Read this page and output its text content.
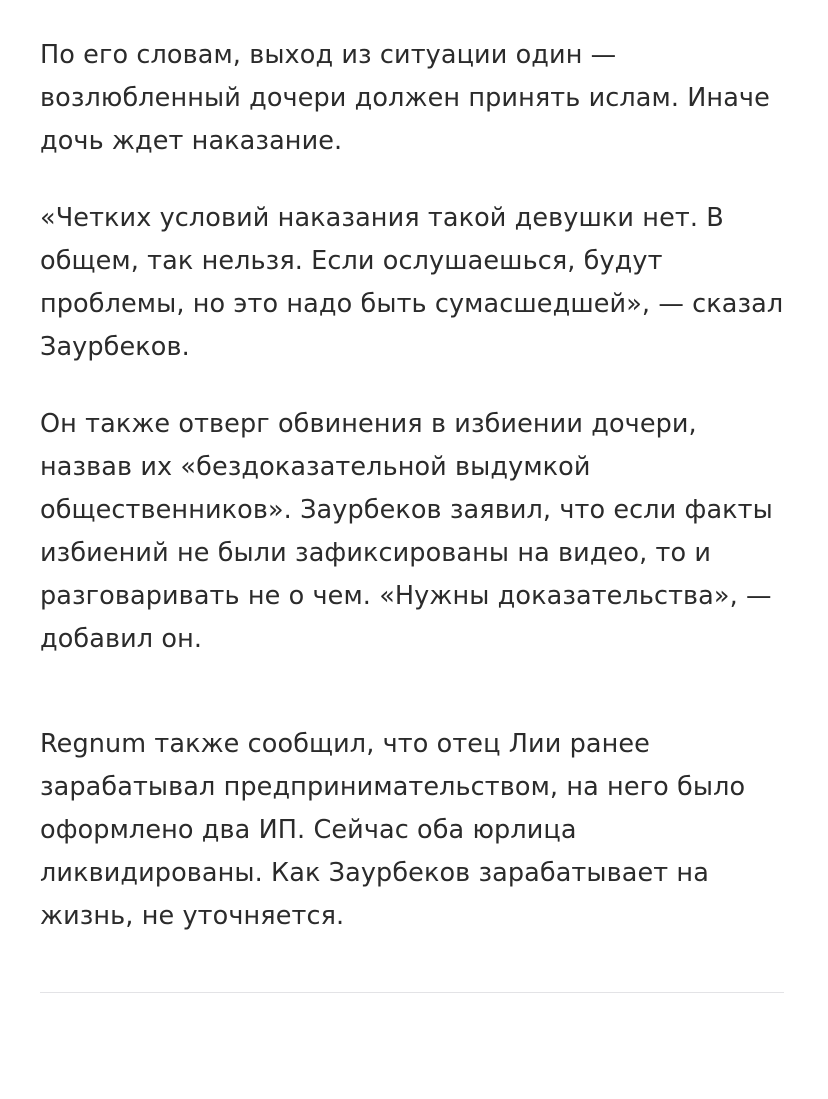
По его словам, выход из ситуации один — возлюбленный дочери должен принять ислам. Иначе дочь ждет наказание.

«Четких условий наказания такой девушки нет. В общем, так нельзя. Если ослушаешься, будут проблемы, но это надо быть сумасшедшей», — сказал Заурбеков.

Он также отверг обвинения в избиении дочери, назвав их «бездоказательной выдумкой общественников». Заурбеков заявил, что если факты избиений не были зафиксированы на видео, то и разговаривать не о чем. «Нужны доказательства», — добавил он.

Regnum также сообщил, что отец Лии ранее зарабатывал предпринимательством, на него было оформлено два ИП. Сейчас оба юрлица ликвидированы. Как Заурбеков зарабатывает на жизнь, не уточняется.
